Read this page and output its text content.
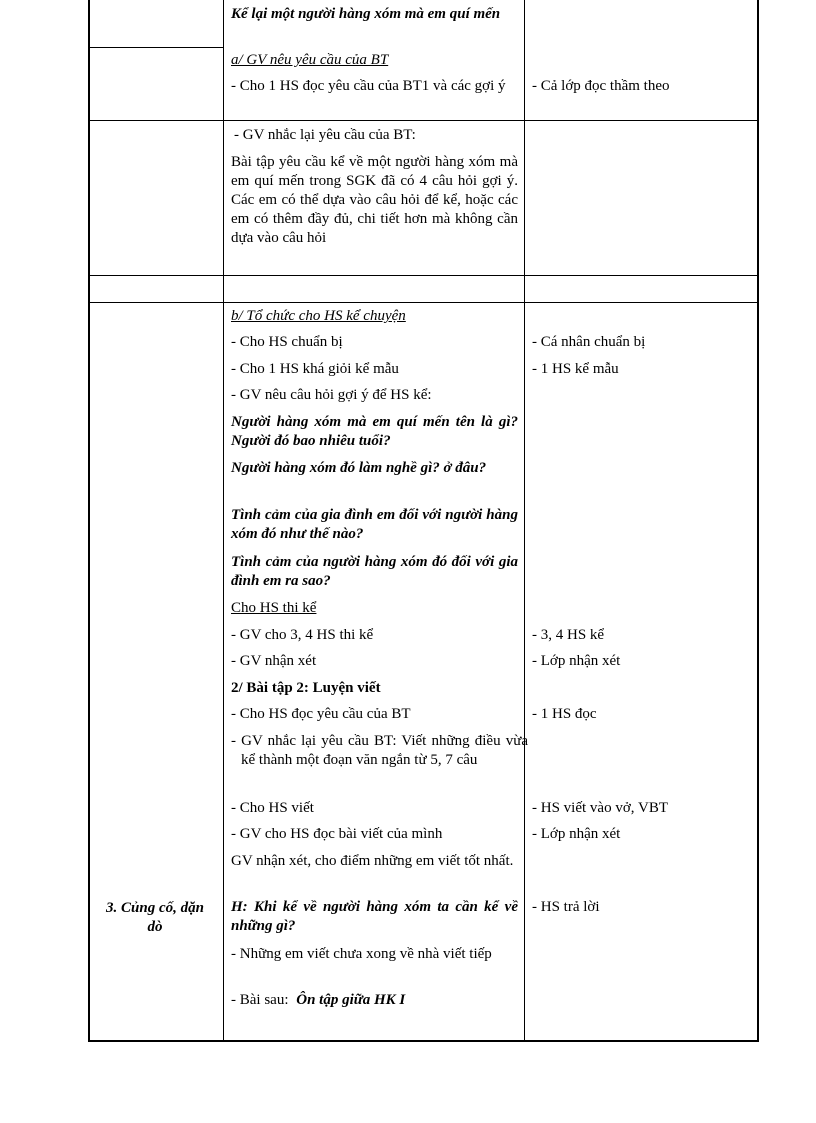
3. Củng cố, dặn dò
Kể lại một người hàng xóm mà em quí mến
a/ GV nêu yêu cầu của BT
- Cho 1 HS đọc yêu cầu của BT1 và các gợi ý
- GV nhắc lại yêu cầu của BT:
Bài tập yêu cầu kể về một người hàng xóm mà em quí mến trong SGK đã có 4 câu hỏi gợi ý. Các em có thể dựa vào câu hỏi để kể, hoặc các em có thêm đầy đủ, chi tiết hơn mà không cần dựa vào câu hỏi
b/ Tổ chức cho HS kể chuyện
- Cho HS chuẩn bị
- Cho 1 HS khá giỏi kể mẫu
- GV nêu câu hỏi gợi ý để HS kể:
Người hàng xóm mà em quí mến tên là gì? Người đó bao nhiêu tuổi?
Người hàng xóm đó làm nghề gì? ở đâu?
Tình cảm của gia đình em đối với người hàng xóm đó như thế nào?
Tình cảm của người hàng xóm đó đối với gia đình em ra sao?
Cho HS thi kể
- GV cho 3, 4 HS thi kể
- GV nhận xét
2/ Bài tập 2: Luyện viết
- Cho HS đọc yêu cầu của BT
- GV nhắc lại yêu cầu BT: Viết những điều vừa kể thành một đoạn văn ngắn từ 5, 7 câu
- Cho HS viết
- GV cho HS đọc bài viết của mình
GV nhận xét, cho điểm những em viết tốt nhất.
H: Khi kể về người hàng xóm ta cần kể về những gì?
- Những em viết chưa xong về nhà viết tiếp
- Bài sau: Ôn tập giữa HK I
- Cả lớp đọc thầm theo
- Cá nhân chuẩn bị
- 1 HS kể mẫu
- 3, 4 HS kể
- Lớp nhận xét
- 1 HS đọc
- HS viết vào vở, VBT
- Lớp nhận xét
- HS trả lời
